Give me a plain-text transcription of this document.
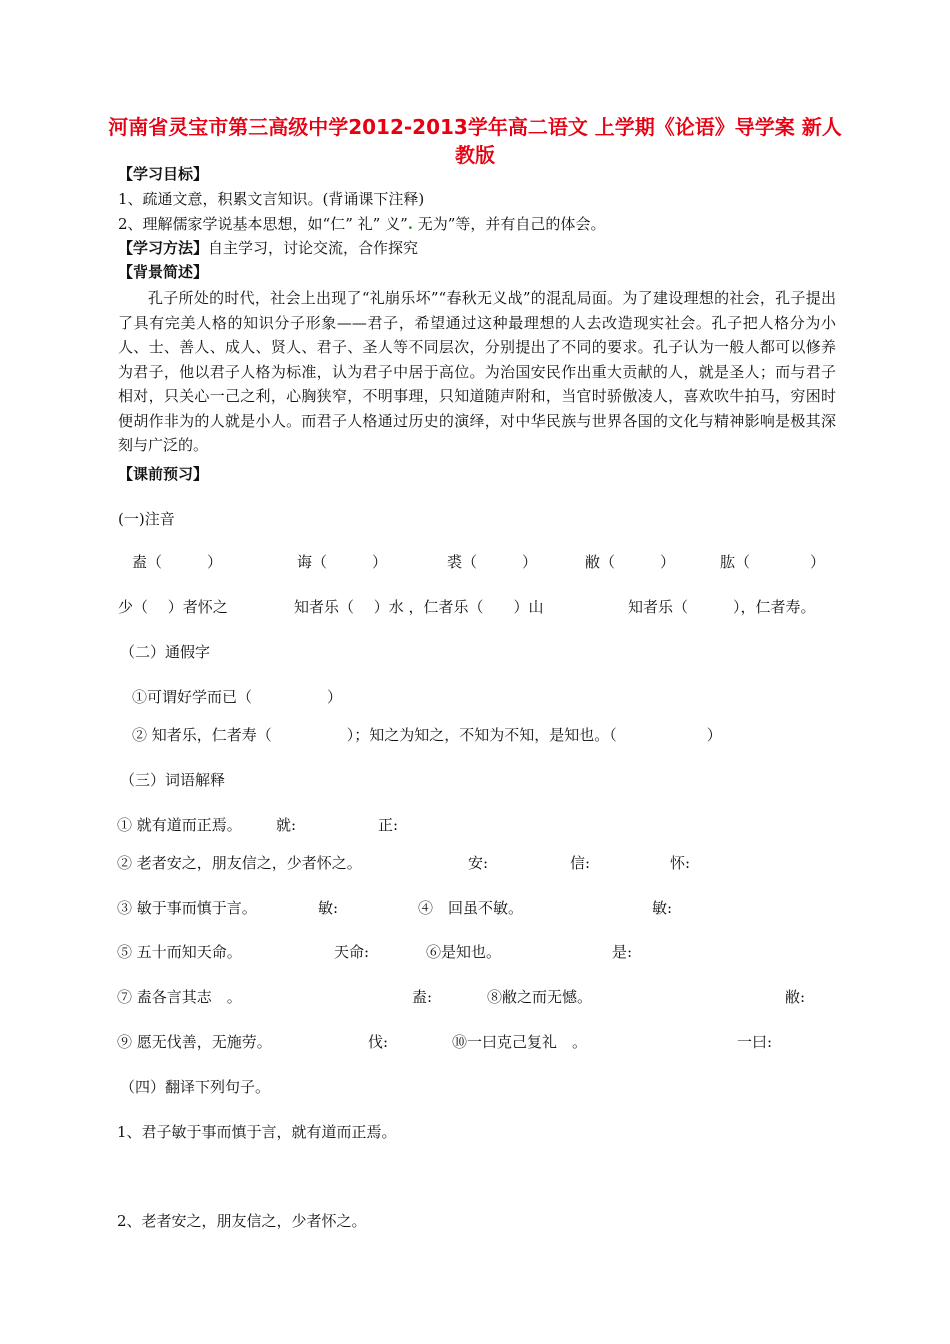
河南省灵宝市第三高级中学2012-2013学年高二语文 上学期《论语》导学案 新人教版
【学习目标】
1、疏通文意，积累文言知识。(背诵课下注释)
2、理解儒家学说基本思想，如“仁” 礼” 义”. 无为”等，并有自己的体会。
【学习方法】自主学习，讨论交流，合作探究
【背景简述】
孔子所处的时代，社会上出现了“礼崩乐坏”“春秋无义战”的混乱局面。为了建设理想的社会，孔子提出了具有完美人格的知识分子形象——君子，希望通过这种最理想的人去改造现实社会。孔子把人格分为小人、士、善人、成人、贤人、君子、圣人等不同层次，分别提出了不同的要求。孔子认为一般人都可以修养为君子，他以君子人格为标准，认为君子中居于高位。为治国安民作出重大贡献的人，就是圣人；而与君子相对，只关心一己之利，心胸狭窄，不明事理，只知道随声附和，当官时骄傲凌人，喜欢吹牛拍马，穷困时便胡作非为的人就是小人。而君子人格通过历史的演绎，对中华民族与世界各国的文化与精神影响是极其深刻与广泛的。
【课前预习】
(一)注音
盍（　　　）	诲（　　　）	裘（　　　）	敝（　　　）	肱（　　　　）
少（　 ）者怀之	知者乐（　 ）水 ，仁者乐（　　）山	知者乐（　　　），仁者寿。
（二）通假字
①可谓好学而已（　　　　　）
② 知者乐，仁者寿（　　　　　）；知之为知之，不知为不知，是知也。（　　　　　　）
（三）词语解释
① 就有道而正焉。 就:	正:
② 老者安之，朋友信之，少者怀之。	安:	信:	怀:
③ 敏于事而慎于言。	敏:	④　回虽不敏。	敏:
⑤ 五十而知天命。	天命:	⑥是知也。	是:
⑦ 盍各言其志　。	盍:	⑧敝之而无憾。	敝:
⑨ 愿无伐善，无施劳。	伐:	⑩一曰克己复礼　。	一曰:
（四）翻译下列句子。
1、君子敏于事而慎于言，就有道而正焉。
2、老者安之，朋友信之，少者怀之。
